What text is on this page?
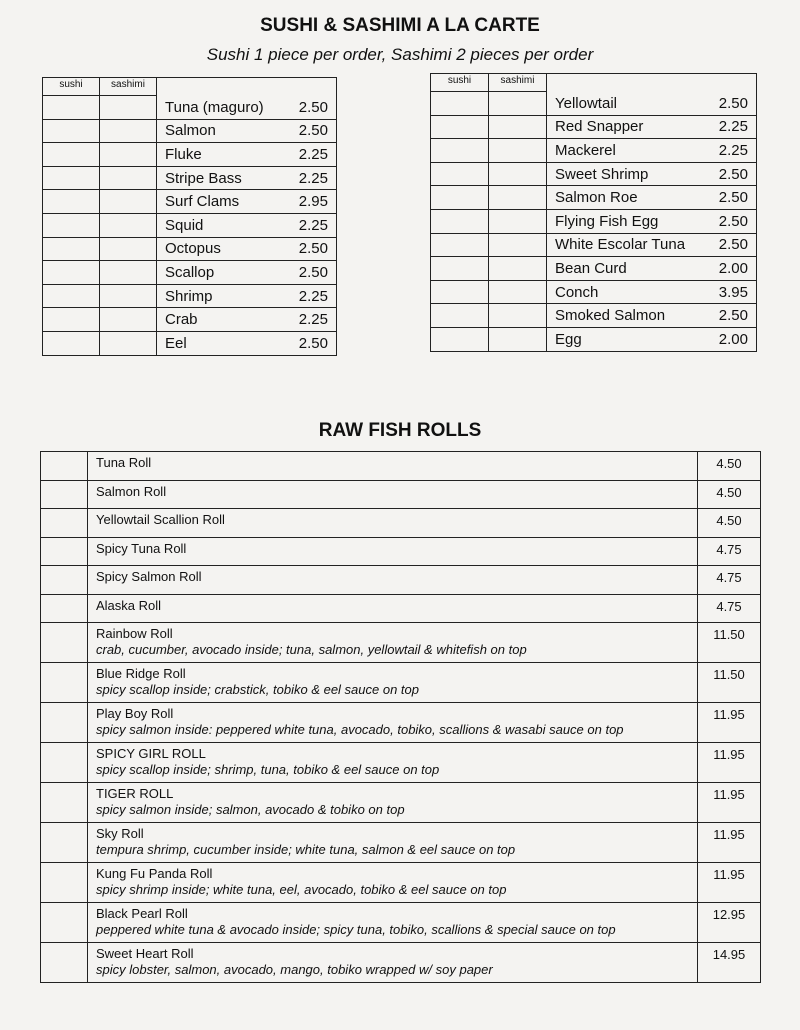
SUSHI & SASHIMI A LA CARTE
Sushi 1 piece per order, Sashimi 2 pieces per order
sushi	sashimi	

		Tuna (maguro) 2.50

		Salmon 2.50

		Fluke 2.25

		Stripe Bass 2.25

		Surf Clams 2.95

		Squid 2.25

		Octopus 2.50

		Scallop 2.50

		Shrimp 2.25

		Crab 2.25

		Eel 2.50
sushi	sashimi	

		Yellowtail 2.50

		Red Snapper 2.25

		Mackerel 2.25

		Sweet Shrimp 2.50

		Salmon Roe 2.50

		Flying Fish Egg 2.50

		White Escolar Tuna 2.50

		Bean Curd 2.00

		Conch 3.95

		Smoked Salmon 2.50

		Egg 2.00
RAW FISH ROLLS

	Tuna Roll	4.50

	Salmon Roll	4.50

	Yellowtail Scallion Roll	4.50

	Spicy Tuna Roll	4.75

	Spicy Salmon Roll	4.75

	Alaska Roll	4.75

	Rainbow Roll
crab, cucumber, avocado inside; tuna, salmon, yellowtail & whitefish on top	11.50

	Blue Ridge Roll
spicy scallop inside; crabstick, tobiko & eel sauce on top	11.50

	Play Boy Roll
spicy salmon inside: peppered white tuna, avocado, tobiko, scallions & wasabi sauce on top	11.95

	SPICY GIRL ROLL
spicy scallop inside; shrimp, tuna, tobiko & eel sauce on top	11.95

	TIGER ROLL
spicy salmon inside; salmon, avocado & tobiko on top	11.95

	Sky Roll
tempura shrimp, cucumber inside; white tuna, salmon & eel sauce on top	11.95

	Kung Fu Panda Roll
spicy shrimp inside; white tuna, eel, avocado, tobiko & eel sauce on top	11.95

	Black Pearl Roll
peppered white tuna & avocado inside; spicy tuna, tobiko, scallions & special sauce on top	12.95

	Sweet Heart Roll
spicy lobster, salmon, avocado, mango, tobiko wrapped w/ soy paper	14.95
